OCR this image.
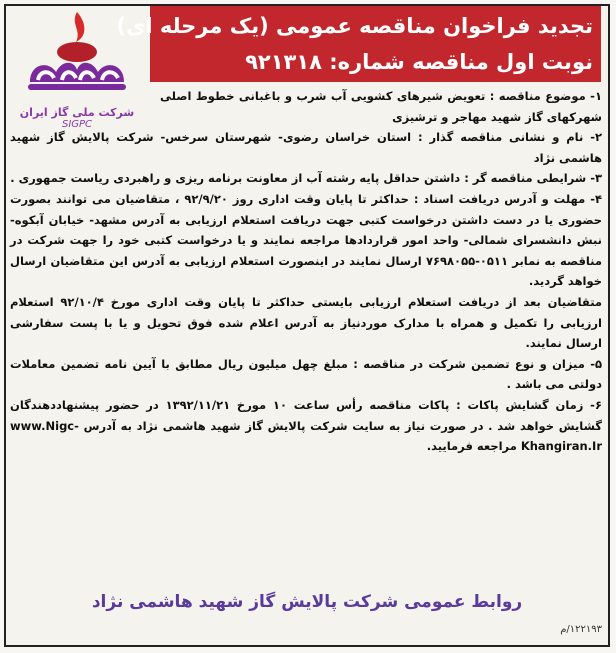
شرکت ملی گاز ایران
SIGPC
تجدید فراخوان مناقصه عمومی (یک مرحله ای)
نوبت اول مناقصه شماره: ۹۲۱۳۱۸

۱- موضوع مناقصه : تعویض شیرهای کشویی آب شرب و باغبانی خطوط اصلی شهرکهای گاز شهید مهاجر و ترشیزی

۲- نام و نشانی مناقصه گذار : استان خراسان رضوی- شهرستان سرخس- شرکت پالایش گاز شهید هاشمی نژاد

۳- شرایطی مناقصه گر : داشتن حداقل پایه رشته آب از معاونت برنامه ریزی و راهبردی ریاست جمهوری .

۴- مهلت و آدرس دریافت اسناد : حداکثر تا پایان وقت اداری روز ۹۲/۹/۲۰ ، متقاضیان می توانند بصورت حضوری یا در دست داشتن درخواست کتبی جهت دریافت استعلام ارزیابی به آدرس مشهد- خیابان آبکوه- نبش دانشسرای شمالی- واحد امور قراردادها مراجعه نمایند و یا درخواست کتبی خود را جهت شرکت در مناقصه به نمابر ۰۵۱۱-۷۶۹۸۰۵۵ ارسال نمایند در اینصورت استعلام ارزیابی به آدرس این متقاضیان ارسال خواهد گردید.

متقاضیان بعد از دریافت استعلام ارزیابی بایستی حداکثر تا پایان وقت اداری مورخ ۹۲/۱۰/۴ استعلام ارزیابی را تکمیل و همراه با مدارک موردنیاز به آدرس اعلام شده فوق تحویل و یا با پست سفارشی ارسال نمایند.

۵- میزان و نوع تضمین شرکت در مناقصه : مبلغ چهل میلیون ریال مطابق با آیین نامه تضمین معاملات دولتی می باشد .

۶- زمان گشایش پاکات : پاکات مناقصه رأس ساعت ۱۰ مورخ ۱۳۹۲/۱۱/۲۱ در حضور پیشنهاددهندگان گشایش خواهد شد . در صورت نیاز به سایت شرکت پالایش گاز شهید هاشمی نژاد به آدرس www.Nigc-Khangiran.Ir مراجعه فرمایید.

روابط عمومی شرکت پالایش گاز شهید هاشمی نژاد
۱۲۲۱۹۳/م
